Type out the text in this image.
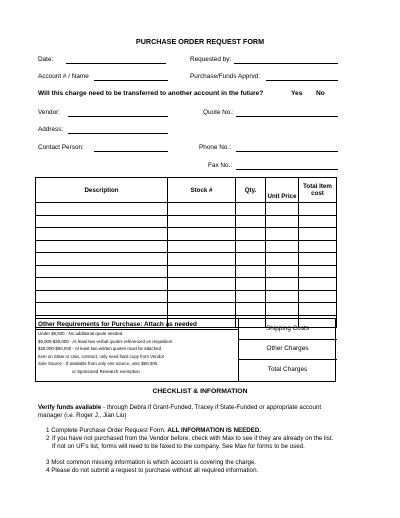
PURCHASE ORDER REQUEST FORM
Date:	Requested by:
Account # / Name	Purchase/Funds Apprvd:
Will this charge need to be transferred to another account in the future?	Yes No
Vendor:	Quote No.:
Address:
Contact Person:	Phone No.:
Fax No.:
Description	Stock #	Qty.	Unit Price	Total Item cost

Other Requirements for Purchase: Attach as needed
Under $5,000 - No additional quote needed
$5,000-$25,000 - At least two verbal quotes referenced on requisition
$25,000-$50,000 - At least two written quotes must be attached
Item on State or Univ. contract, only need hard copy from Vendor
Sole Source - If available from only one source, over $50,000,
or Sponsored Research exemption
Shipping Costs
Other Charges
Total Charges
CHECKLIST & INFORMATION
Verify funds available - through Debra if Grant-Funded, Tracey if State-Funded or appropriate account manager (i.e. Roger J., Jian Liu)
1 Complete Purchase Order Request Form. ALL INFORMATION IS NEEDED.
2 If you have not purchased from the Vendor before, check with Max to see if they are already on the list. If not on UF's list, forms will need to be faxed to the company. See Max for forms to be used.
3 Most common missing information is which account is covering the charge.
4 Please do not submit a request to purchase without all required information.
